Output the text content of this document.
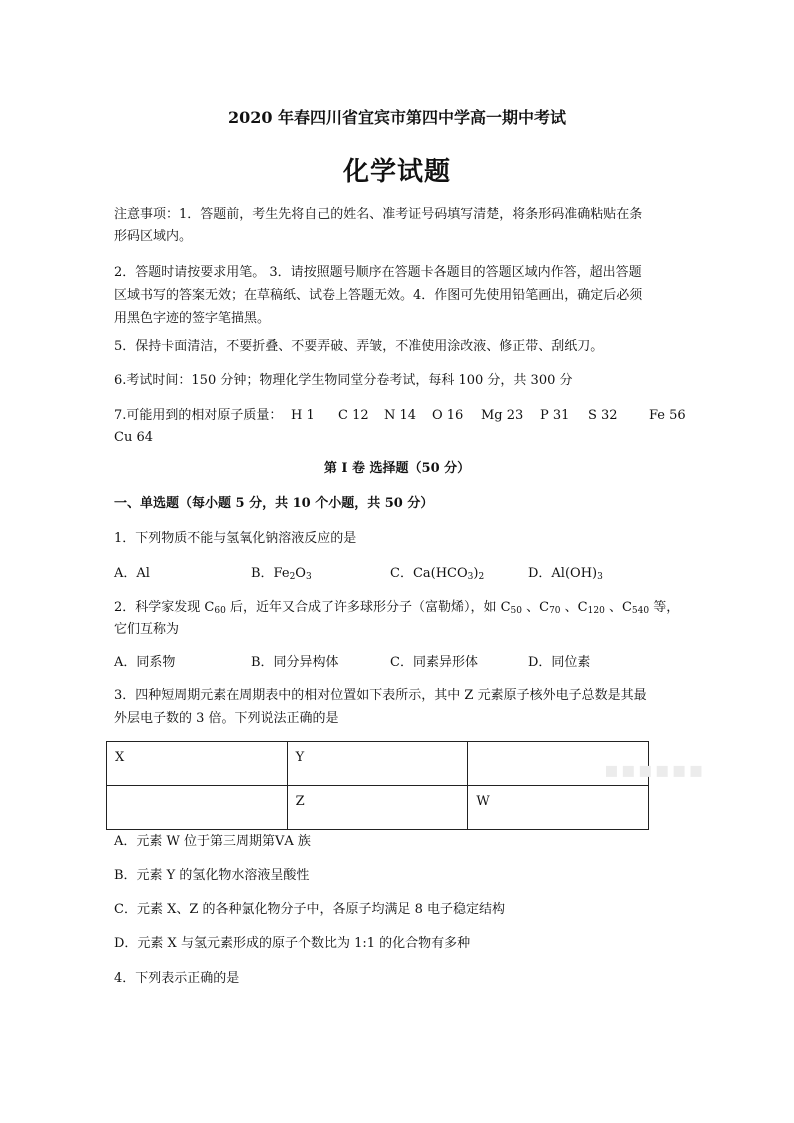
2020 年春四川省宜宾市第四中学高一期中考试
化学试题
注意事项：1．答题前，考生先将自己的姓名、准考证号码填写清楚，将条形码准确粘贴在条
形码区域内。
2．答题时请按要求用笔。 3．请按照题号顺序在答题卡各题目的答题区域内作答，超出答题
区域书写的答案无效；在草稿纸、试卷上答题无效。4．作图可先使用铅笔画出，确定后必须
用黑色字迹的签字笔描黑。
5．保持卡面清洁，不要折叠、不要弄破、弄皱，不准使用涂改液、修正带、刮纸刀。
6.考试时间：150 分钟；物理化学生物同堂分卷考试，每科 100 分，共 300 分
7.可能用到的相对原子质量： H 1 C 12 N 14 O 16 Mg 23 P 31 S 32 Fe 56
Cu 64
第 I 卷 选择题（50 分）
一、单选题（每小题 5 分，共 10 个小题，共 50 分）
1．下列物质不能与氢氧化钠溶液反应的是
A．Al	B．$Fe_2O_3$	C．$Ca(HCO_3)_2$	D．$Al(OH)_3$
2．科学家发现 $C_{60}$ 后，近年又合成了许多球形分子（富勒烯），如 $C_{50}$ 、$C_{70}$ 、$C_{120}$ 、$C_{540}$ 等，
它们互称为
A．同系物	B．同分异构体	C．同素异形体	D．同位素
3．四种短周期元素在周期表中的相对位置如下表所示，其中 Z 元素原子核外电子总数是其最
外层电子数的 3 倍。下列说法正确的是
X	Y	
	Z	W
▪▪▪▪▪▪
A．元素 W 位于第三周期第ⅤA 族
B．元素 Y 的氢化物水溶液呈酸性
C．元素 X、Z 的各种氯化物分子中，各原子均满足 8 电子稳定结构
D．元素 X 与氢元素形成的原子个数比为 1:1 的化合物有多种
4．下列表示正确的是
